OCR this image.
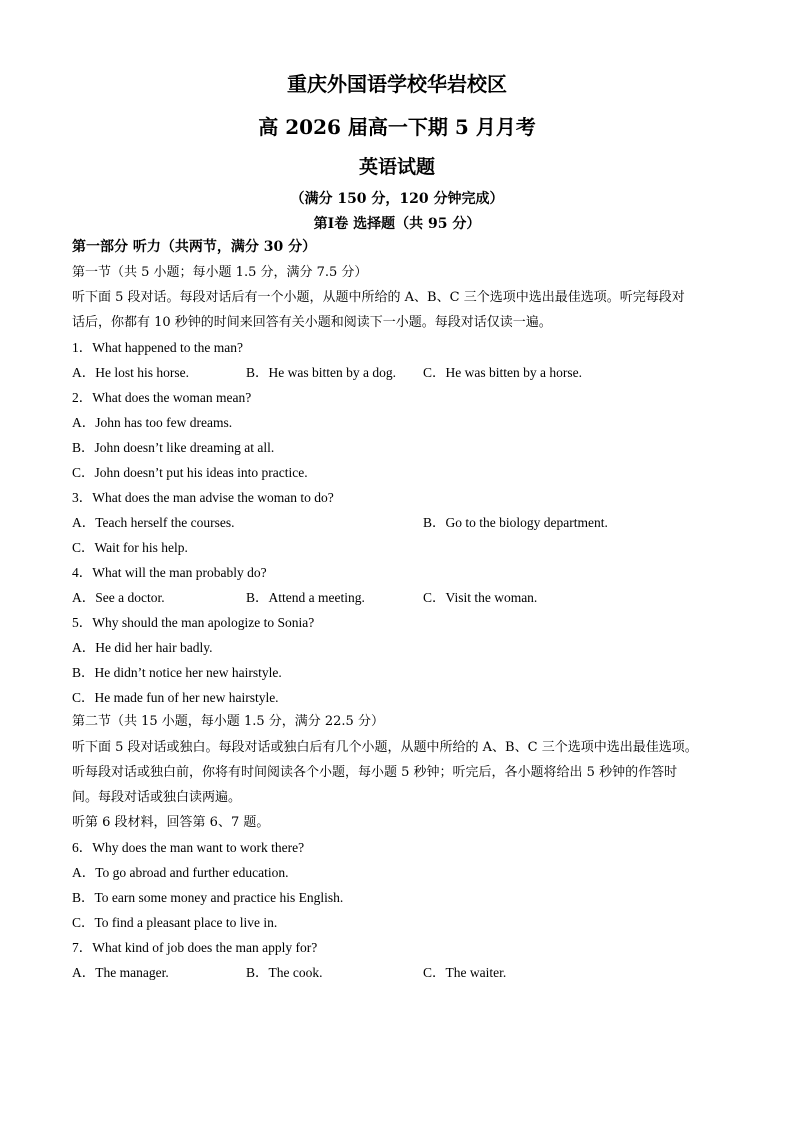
重庆外国语学校华岩校区
高 2026 届高一下期 5 月月考
英语试题
（满分 150 分，120 分钟完成）
第Ⅰ卷 选择题（共 95 分）
第一部分 听力（共两节，满分 30 分）
第一节（共 5 小题；每小题 1.5 分，满分 7.5 分）
听下面 5 段对话。每段对话后有一个小题，从题中所给的 A、B、C 三个选项中选出最佳选项。听完每段对
话后，你都有 10 秒钟的时间来回答有关小题和阅读下一小题。每段对话仅读一遍。
1．What happened to the man?
A．He lost his horse.	B．He was bitten by a dog. C．He was bitten by a horse.
2．What does the woman mean?
A．John has too few dreams.
B．John doesn’t like dreaming at all.
C．John doesn’t put his ideas into practice.
3．What does the man advise the woman to do?
A．Teach herself the courses.	B．Go to the biology department.
C．Wait for his help.
4．What will the man probably do?
A．See a doctor.	B．Attend a meeting.	C．Visit the woman.
5．Why should the man apologize to Sonia?
A．He did her hair badly.
B．He didn’t notice her new hairstyle.
C．He made fun of her new hairstyle.
第二节（共 15 小题，每小题 1.5 分，满分 22.5 分）
听下面 5 段对话或独白。每段对话或独白后有几个小题，从题中所给的 A、B、C 三个选项中选出最佳选项。
听每段对话或独白前，你将有时间阅读各个小题，每小题 5 秒钟；听完后，各小题将给出 5 秒钟的作答时
间。每段对话或独白读两遍。
听第 6 段材料，回答第 6、7 题。
6．Why does the man want to work there?
A．To go abroad and further education.
B．To earn some money and practice his English.
C．To find a pleasant place to live in.
7．What kind of job does the man apply for?
A．The manager.	B．The cook.	C．The waiter.
